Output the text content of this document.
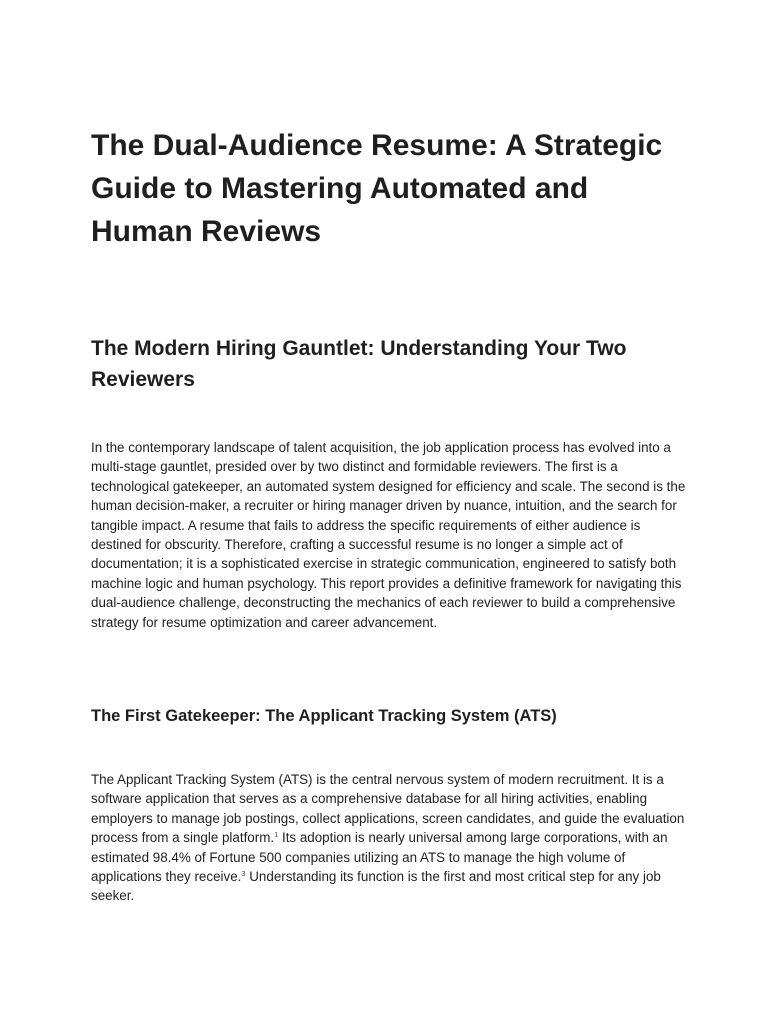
The Dual-Audience Resume: A Strategic Guide to Mastering Automated and Human Reviews
The Modern Hiring Gauntlet: Understanding Your Two Reviewers

In the contemporary landscape of talent acquisition, the job application process has evolved into a multi-stage gauntlet, presided over by two distinct and formidable reviewers. The first is a technological gatekeeper, an automated system designed for efficiency and scale. The second is the human decision-maker, a recruiter or hiring manager driven by nuance, intuition, and the search for tangible impact. A resume that fails to address the specific requirements of either audience is destined for obscurity. Therefore, crafting a successful resume is no longer a simple act of documentation; it is a sophisticated exercise in strategic communication, engineered to satisfy both machine logic and human psychology. This report provides a definitive framework for navigating this dual-audience challenge, deconstructing the mechanics of each reviewer to build a comprehensive strategy for resume optimization and career advancement.

The First Gatekeeper: The Applicant Tracking System (ATS)

The Applicant Tracking System (ATS) is the central nervous system of modern recruitment. It is a software application that serves as a comprehensive database for all hiring activities, enabling employers to manage job postings, collect applications, screen candidates, and guide the evaluation process from a single platform.$^1$ Its adoption is nearly universal among large corporations, with an estimated 98.4% of Fortune 500 companies utilizing an ATS to manage the high volume of applications they receive.$^3$ Understanding its function is the first and most critical step for any job seeker.
